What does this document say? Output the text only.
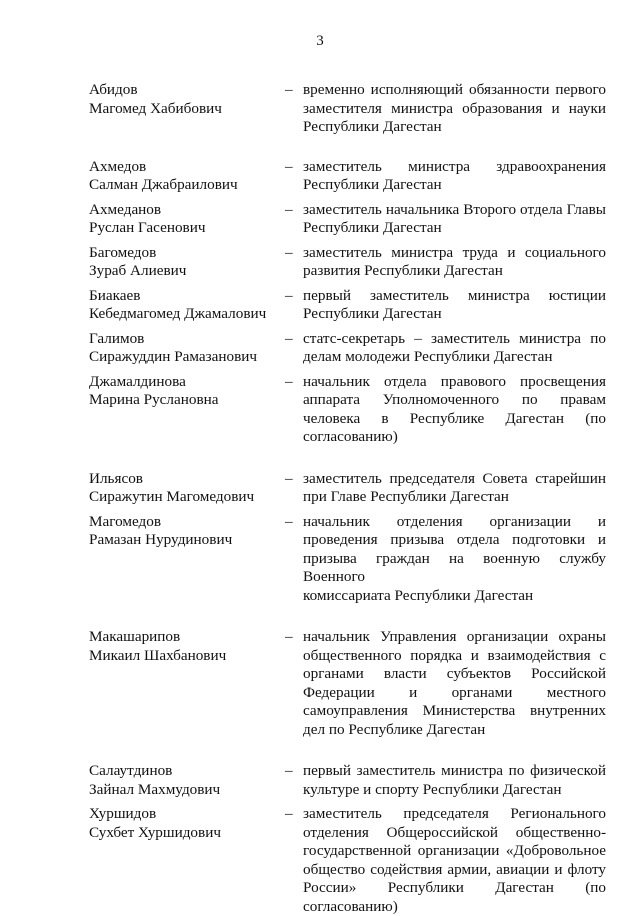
3
Абидов
Магомед Хабибович
– временно исполняющий обязанности первого
заместителя министра образования и науки
Республики Дагестан
Ахмедов
Салман Джабраилович
– заместитель министра здравоохранения
Республики Дагестан
Ахмеданов
Руслан Гасенович
– заместитель начальника Второго отдела Главы
Республики Дагестан
Багомедов
Зураб Алиевич
– заместитель министра труда и социального
развития Республики Дагестан
Биакаев
Кебедмагомед Джамалович
– первый заместитель министра юстиции
Республики Дагестан
Галимов
Сиражуддин Рамазанович
– статс-секретарь – заместитель министра по
делам молодежи Республики Дагестан
Джамалдинова
Марина Руслановна
– начальник отдела правового просвещения
аппарата Уполномоченного по правам
человека в Республике Дагестан (по
согласованию)
Ильясов
Сиражутин Магомедович
– заместитель председателя Совета старейшин
при Главе Республики Дагестан
Магомедов
Рамазан Нурудинович
– начальник отделения организации и
проведения призыва отдела подготовки и
призыва граждан на военную службу Военного
комиссариата Республики Дагестан
Макашарипов
Микаил Шахбанович
– начальник Управления организации охраны
общественного порядка и взаимодействия с
органами власти субъектов Российской
Федерации и органами местного
самоуправления Министерства внутренних
дел по Республике Дагестан
Салаутдинов
Зайнал Махмудович
– первый заместитель министра по физической
культуре и спорту Республики Дагестан
Хуршидов
Сухбет Хуршидович
– заместитель председателя Регионального
отделения Общероссийской общественно-
государственной организации «Добровольное
общество содействия армии, авиации и флоту
России» Республики Дагестан (по
согласованию)
